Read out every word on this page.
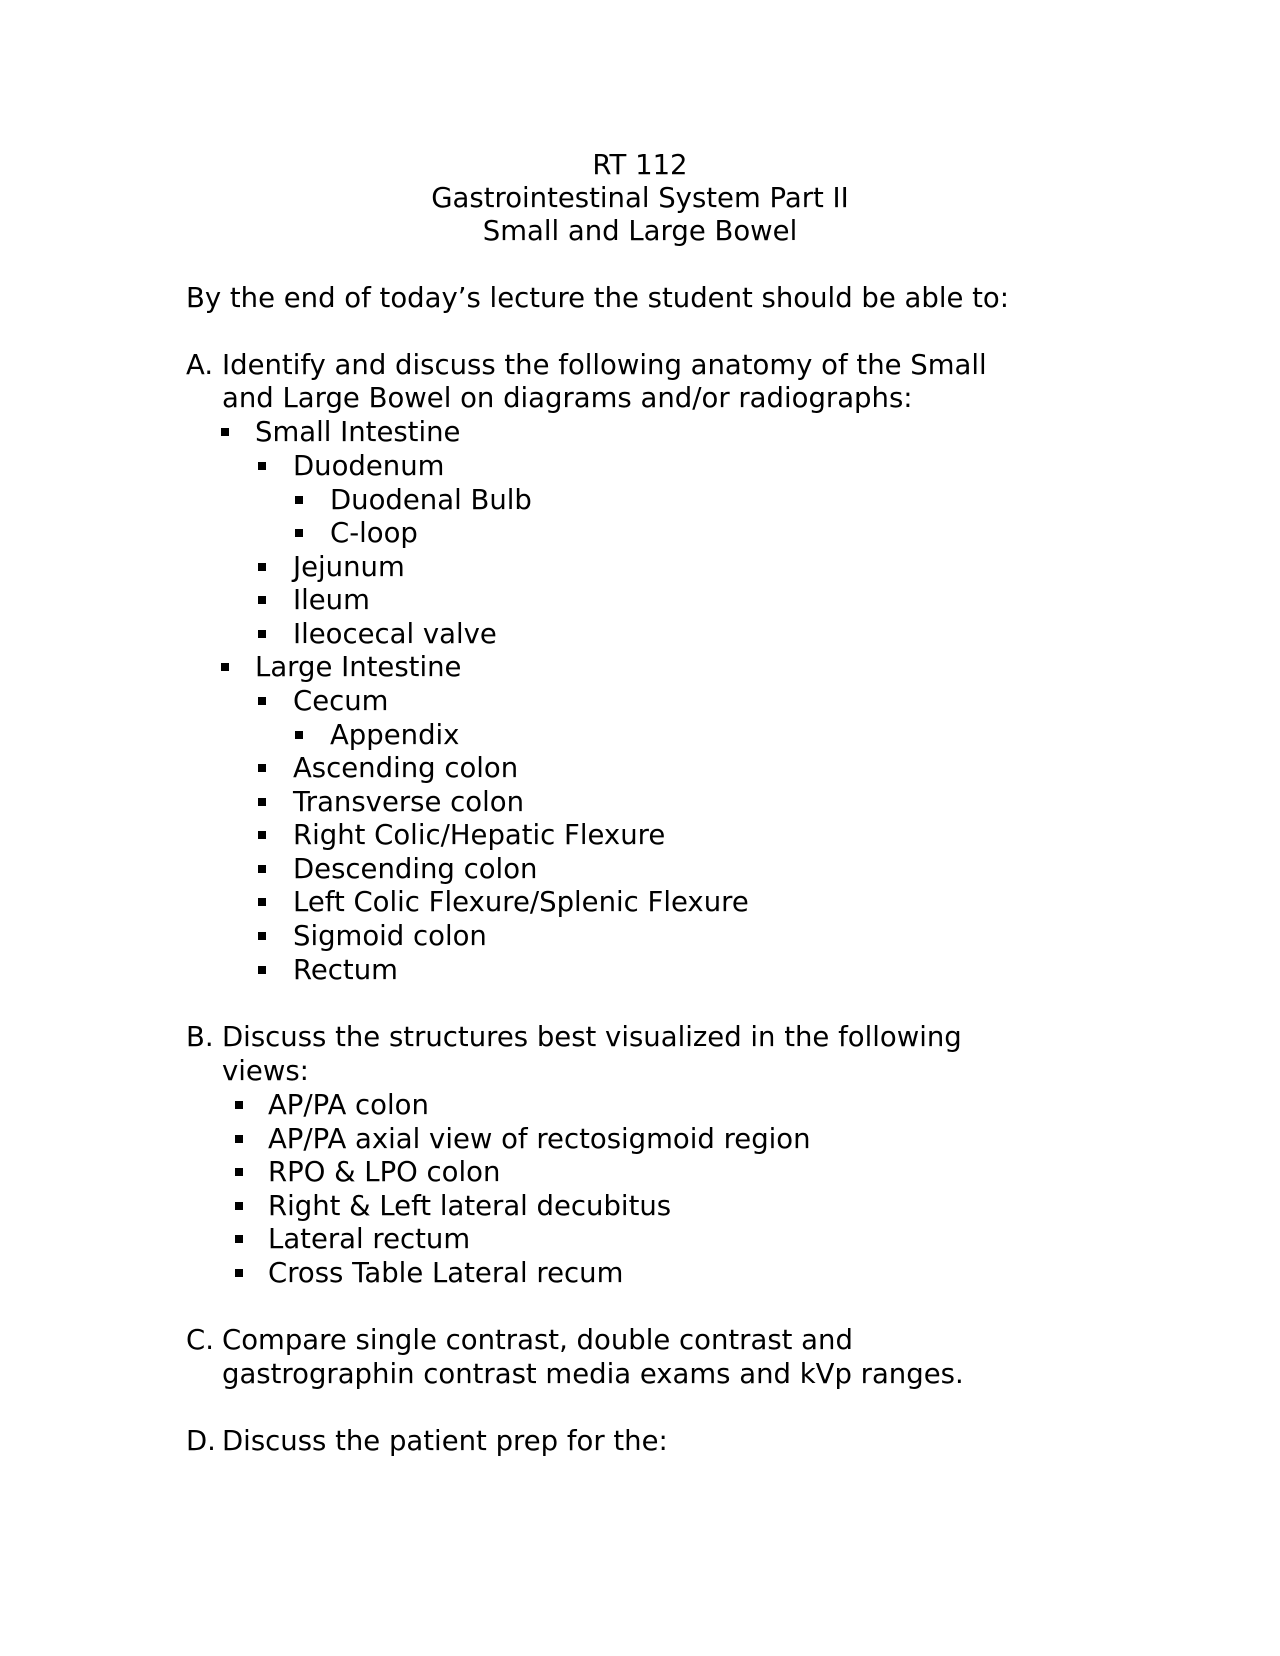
RT 112
Gastrointestinal System Part II
Small and Large Bowel
By the end of today’s lecture the student should be able to:
A. Identify and discuss the following anatomy of the Small
and Large Bowel on diagrams and/or radiographs:
Small Intestine
Duodenum
Duodenal Bulb
C-loop
Jejunum
Ileum
Ileocecal valve
Large Intestine
Cecum
Appendix
Ascending colon
Transverse colon
Right Colic/Hepatic Flexure
Descending colon
Left Colic Flexure/Splenic Flexure
Sigmoid colon
Rectum
B. Discuss the structures best visualized in the following
views:
AP/PA colon
AP/PA axial view of rectosigmoid region
RPO & LPO colon
Right & Left lateral decubitus
Lateral rectum
Cross Table Lateral recum
C. Compare single contrast, double contrast and
gastrographin contrast media exams and kVp ranges.
D. Discuss the patient prep for the:
